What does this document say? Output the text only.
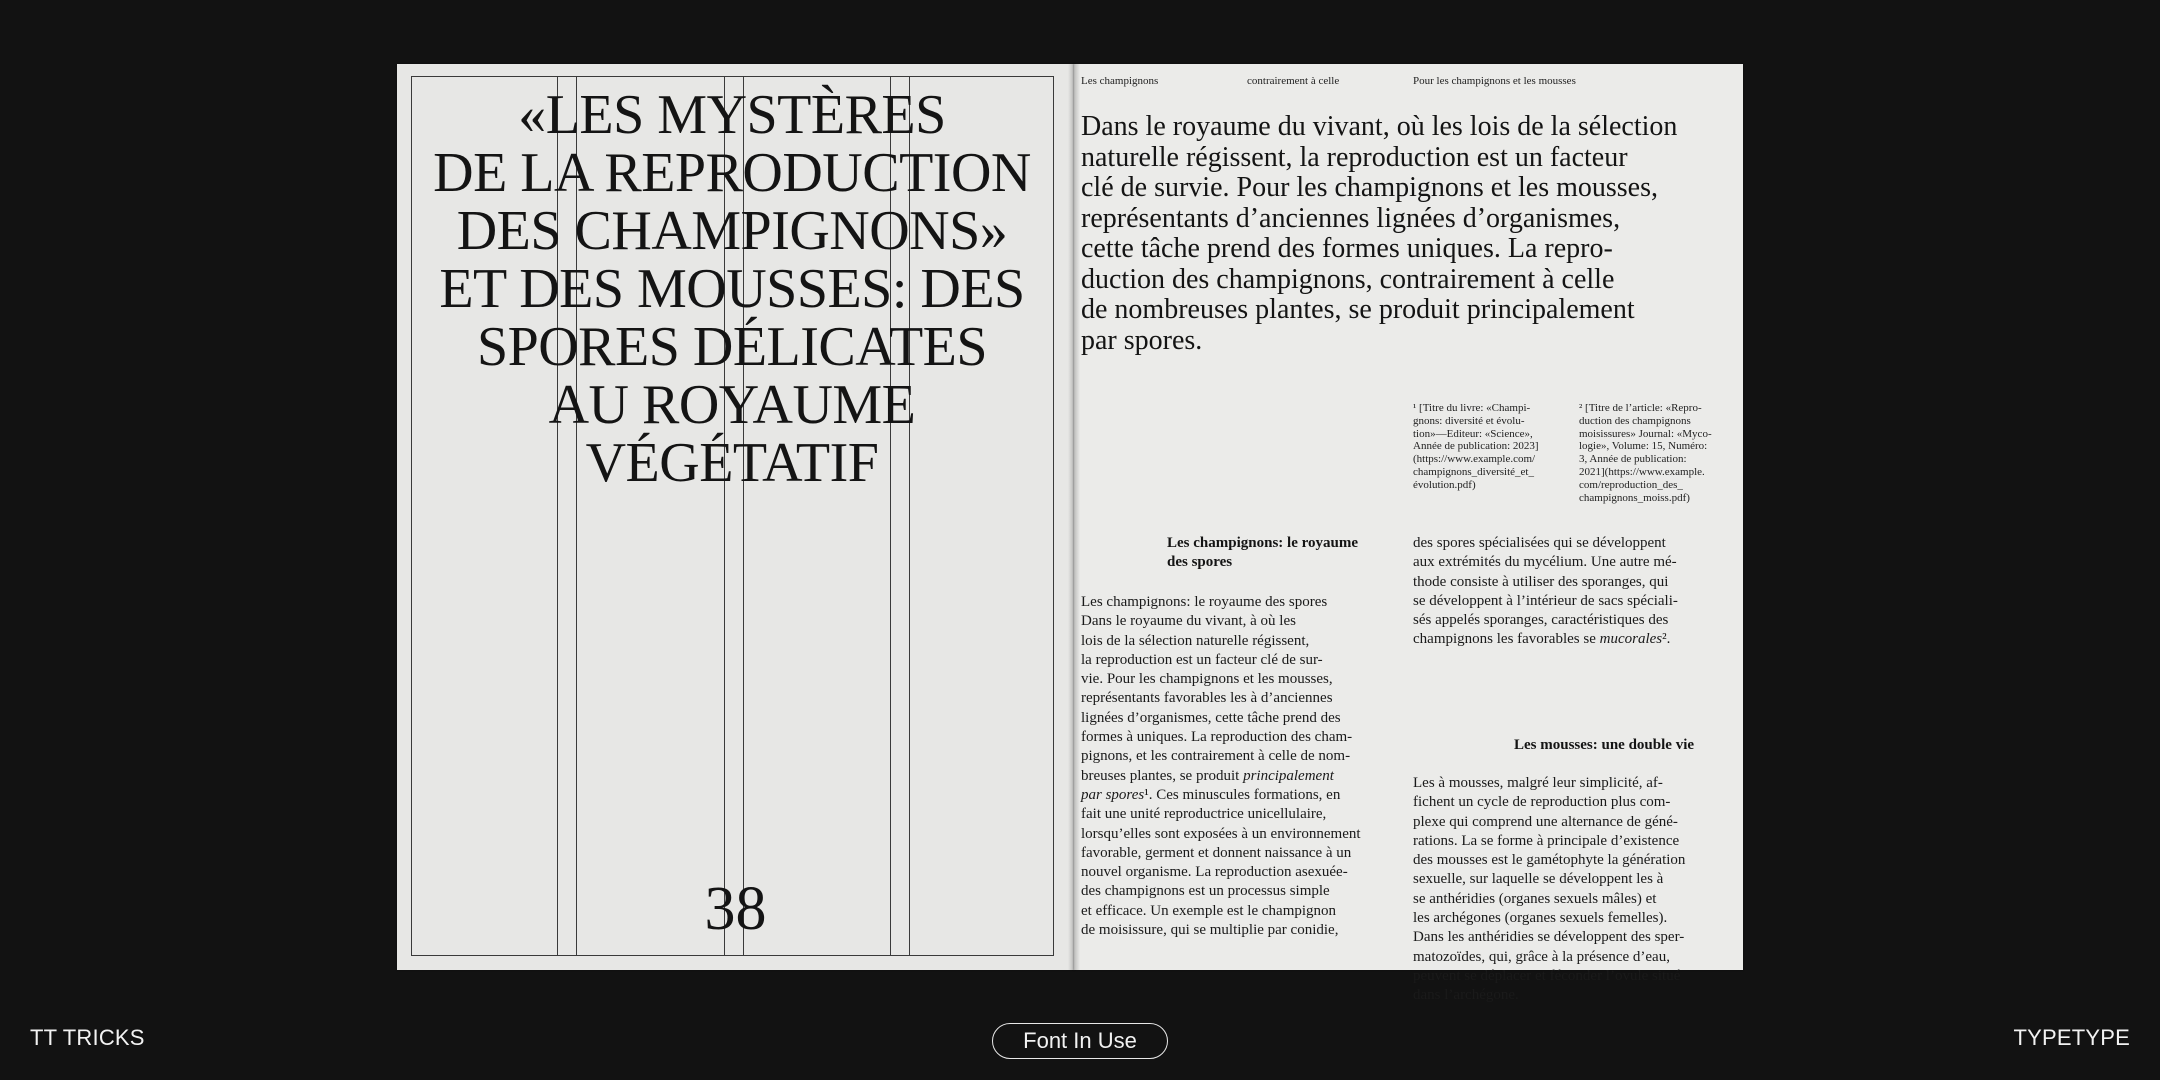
«LES MYSTÈRES
DE LA REPRODUCTION
DES CHAMPIGNONS»
ET DES MOUSSES: DES
SPORES DÉLICATES
AU ROYAUME
VÉGÉTATIF
38
Les champignons	contrairement à celle	Pour les champignons et les mousses
Dans le royaume du vivant, où les lois de la sélection
naturelle régissent, la reproduction est un facteur
clé de survie. Pour les champignons et les mousses,
représentants d’anciennes lignées d’organismes,
cette tâche prend des formes uniques. La repro-
duction des champignons, contrairement à celle
de nombreuses plantes, se produit principalement
par spores.
¹ [Titre du livre: «Champi-
gnons: diversité et évolu-
tion»—Editeur: «Science»,
Année de publication: 2023]
(https://www.example.com/
champignons_diversité_et_
évolution.pdf)
² [Titre de l’article: «Repro-
duction des champignons
moisissures» Journal: «Myco-
logie», Volume: 15, Numéro:
3, Année de publication:
2021](https://www.example.
com/reproduction_des_
champignons_moiss.pdf)
Les champignons: le royaume
des spores
Les champignons: le royaume des spores
Dans le royaume du vivant, à où les
lois de la sélection naturelle régissent,
la reproduction est un facteur clé de sur-
vie. Pour les champignons et les mousses,
représentants favorables les à d’anciennes
lignées d’organismes, cette tâche prend des
formes à uniques. La reproduction des cham-
pignons, et les contrairement à celle de nom-
breuses plantes, se produit principalement
par spores¹. Ces minuscules formations, en
fait une unité reproductrice unicellulaire,
lorsqu’elles sont exposées à un environnement
favorable, germent et donnent naissance à un
nouvel organisme. La reproduction asexuée-
des champignons est un processus simple
et efficace. Un exemple est le champignon
de moisissure, qui se multiplie par conidie,
des spores spécialisées qui se développent
aux extrémités du mycélium. Une autre mé-
thode consiste à utiliser des sporanges, qui
se développent à l’intérieur de sacs spéciali-
sés appelés sporanges, caractéristiques des
champignons les favorables se mucorales².
Les mousses: une double vie
Les à mousses, malgré leur simplicité, af-
fichent un cycle de reproduction plus com-
plexe qui comprend une alternance de géné-
rations. La se forme à principale d’existence
des mousses est le gamétophyte la génération
sexuelle, sur laquelle se développent les à
se anthéridies (organes sexuels mâles) et
les archégones (organes sexuels femelles).
Dans les anthéridies se développent des sper-
matozoïdes, qui, grâce à la présence d’eau,
peuvent se déplacer et féconder l’ovule situé
dans l’archégone.
TT TRICKS	Font In Use	TYPETYPE
